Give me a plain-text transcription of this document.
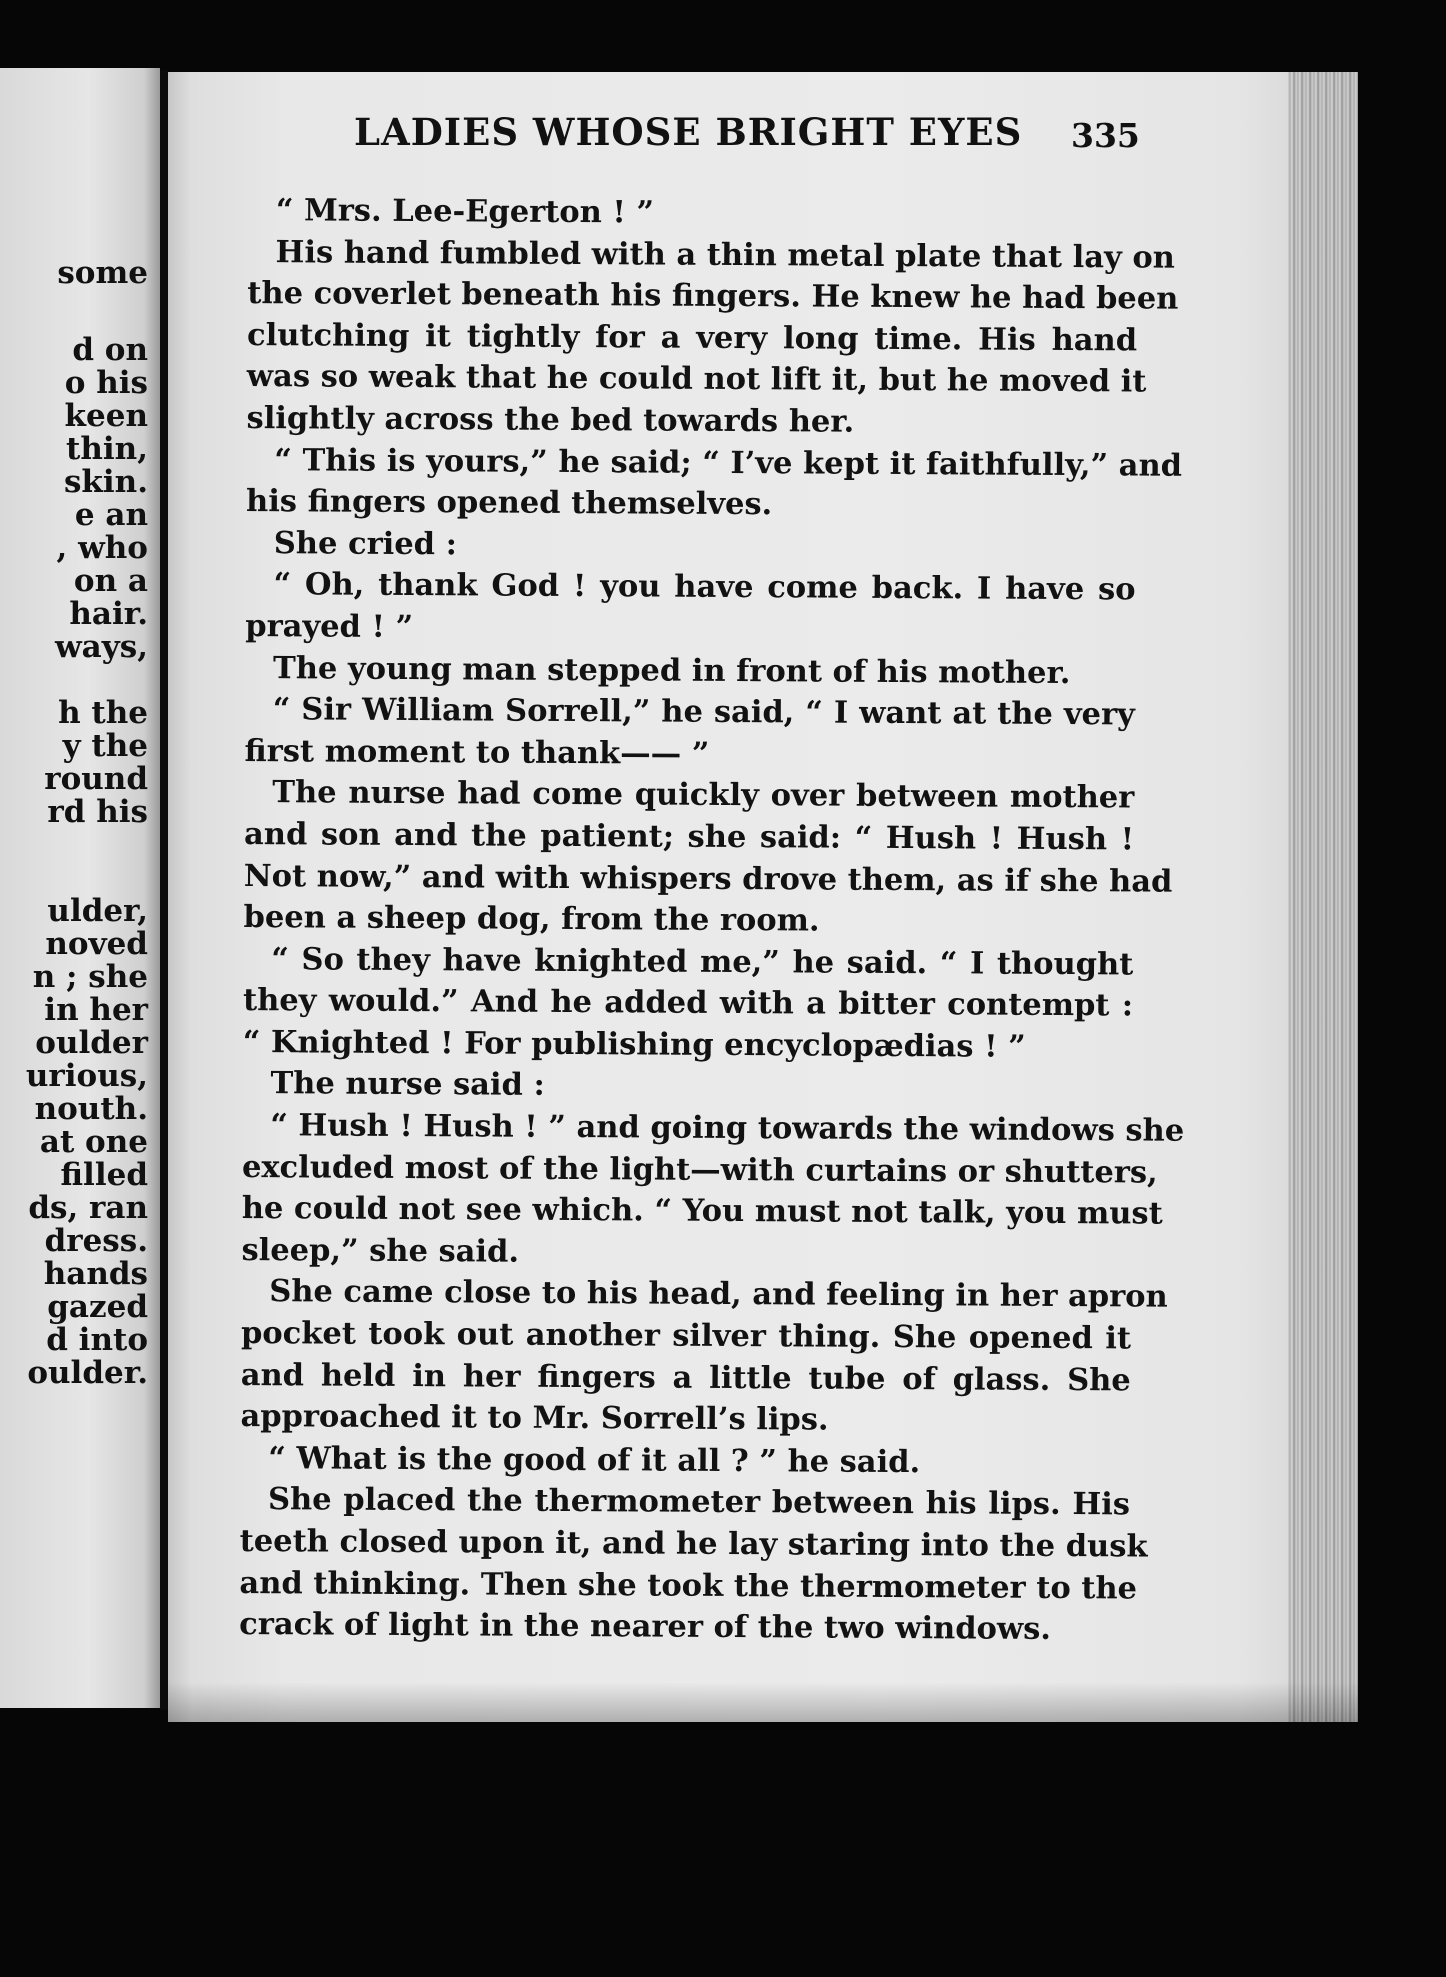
some
d on
o his
keen
thin,
skin.
e an
, who
on a
hair.
ways,
h the
y the
round
rd his
ulder,
noved
n ; she
in her
oulder
urious,
nouth.
at one
filled
ds, ran
dress.
hands
gazed
d into
oulder.
LADIES WHOSE BRIGHT EYES 335
“ Mrs. Lee-Egerton ! ”
His hand fumbled with a thin metal plate that lay on
the coverlet beneath his fingers. He knew he had been
clutching it tightly for a very long time. His hand
was so weak that he could not lift it, but he moved it
slightly across the bed towards her.
“ This is yours,” he said; “ I’ve kept it faithfully,” and
his fingers opened themselves.
She cried :
“ Oh, thank God ! you have come back. I have so
prayed ! ”
The young man stepped in front of his mother.
“ Sir William Sorrell,” he said, “ I want at the very
first moment to thank—— ”
The nurse had come quickly over between mother
and son and the patient; she said: “ Hush ! Hush !
Not now,” and with whispers drove them, as if she had
been a sheep dog, from the room.
“ So they have knighted me,” he said. “ I thought
they would.” And he added with a bitter contempt :
“ Knighted ! For publishing encyclopædias ! ”
The nurse said :
“ Hush ! Hush ! ” and going towards the windows she
excluded most of the light—with curtains or shutters,
he could not see which. “ You must not talk, you must
sleep,” she said.
She came close to his head, and feeling in her apron
pocket took out another silver thing. She opened it
and held in her fingers a little tube of glass. She
approached it to Mr. Sorrell’s lips.
“ What is the good of it all ? ” he said.
She placed the thermometer between his lips. His
teeth closed upon it, and he lay staring into the dusk
and thinking. Then she took the thermometer to the
crack of light in the nearer of the two windows.
